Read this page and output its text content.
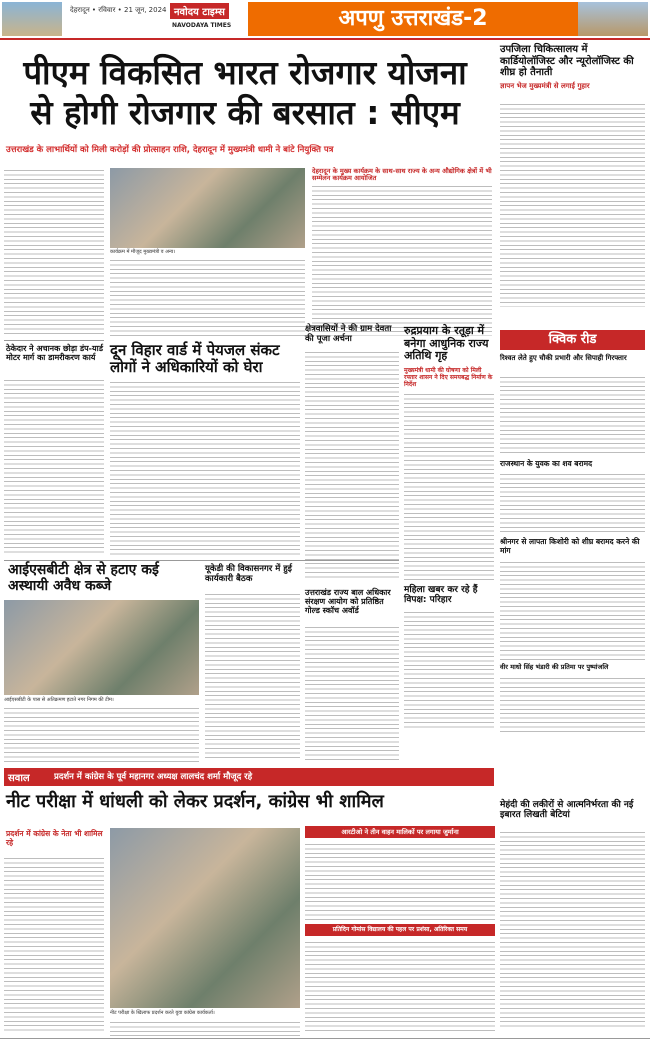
देहरादून • रविवार • 21 जून, 2024 नवोदय टाइम्स
NAVODAYA TIMES	अपणु उत्तराखंड-2
पीएम विकसित भारत रोजगार योजना
से होगी रोजगार की बरसात : सीएम
उत्तराखंड के लाभार्थियों को मिली करोड़ों की प्रोत्साहन राशि, देहरादून में मुख्यमंत्री धामी ने बांटे नियुक्ति पत्र
उपजिला चिकित्सालय में कार्डियोलॉजिस्ट और न्यूरोलॉजिस्ट की शीघ्र हो तैनाती
ज्ञापन भेज मुख्यमंत्री से लगाई गुहार
कार्यक्रम में मौजूद मुख्यमंत्री व अन्य।
देहरादून के मुख्य कार्यक्रम के साथ-साथ राज्य के अन्य औद्योगिक क्षेत्रों में भी सम्मेलन कार्यक्रम आयोजित
ठेकेदार ने अचानक छोड़ा डंप-यार्ड मोटर मार्ग का डामरीकरण कार्य दून विहार वार्ड में पेयजल संकट लोगों ने अधिकारियों को घेरा
क्षेत्रवासियों ने की ग्राम देवता की पूजा अर्चना
रुद्रप्रयाग के रतूड़ा में बनेगा आधुनिक राज्य अतिथि गृह
मुख्यमंत्री धामी की घोषणा को मिली रफ्तार शासन ने दिए समयबद्ध निर्माण के निर्देश
क्विक रीड
रिश्वत लेते हुए चौकी प्रभारी और सिपाही गिरफ्तार
राजस्थान के युवक का शव बरामद
श्रीनगर से लापता किशोरी को शीघ्र बरामद करने की मांग
वीर माधो सिंह भंडारी की प्रतिमा पर पुष्पांजलि
महिला खबर कर रहे हैं विपक्ष: परिहार
आईएसबीटी क्षेत्र से हटाए कई अस्थायी अवैध कब्जे
आईएसबीटी के पास से अतिक्रमण हटाते नगर निगम की टीम।
यूकेडी की विकासनगर में हुई कार्यकारी बैठक
उत्तराखंड राज्य बाल अधिकार संरक्षण आयोग को प्रतिष्ठित गोल्ड स्कॉच अवॉर्ड
मेहंदी की लकीरों से आत्मनिर्भरता की नई इबारत लिखती बेटियां
सवाल	प्रदर्शन में कांग्रेस के पूर्व महानगर अध्यक्ष लालचंद शर्मा मौजूद रहे
नीट परीक्षा में धांधली को लेकर प्रदर्शन, कांग्रेस भी शामिल
प्रदर्शन में कांग्रेस के नेता भी शामिल रहे
नीट परीक्षा के खिलाफ प्रदर्शन करते युवा कांग्रेस कार्यकर्ता।
आरटीओ ने तीन वाहन मालिकों पर लगाया जुर्माना
प्रतिदिन गोमांस विद्यालय की पहल पर प्रशंसा, अतिरिक्त समय
